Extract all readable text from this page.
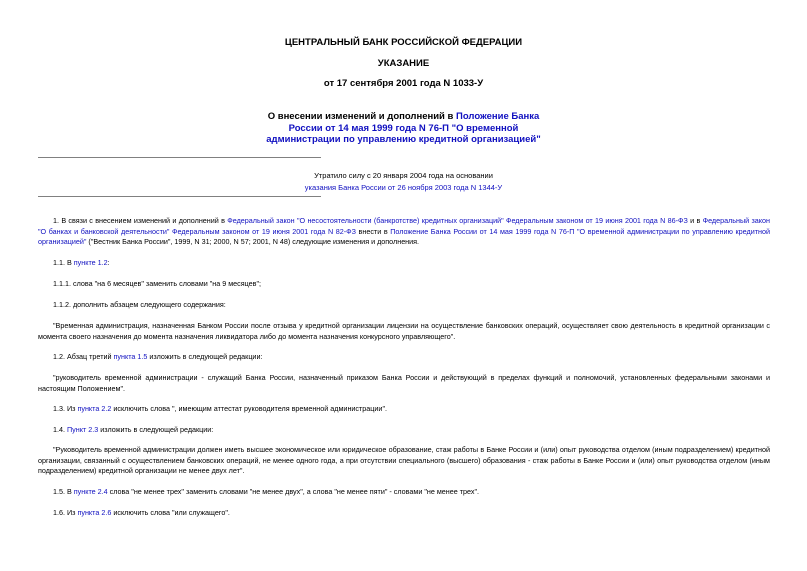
ЦЕНТРАЛЬНЫЙ БАНК РОССИЙСКОЙ ФЕДЕРАЦИИ
УКАЗАНИЕ
от 17 сентября 2001 года N 1033-У
О внесении изменений и дополнений в Положение Банка России от 14 мая 1999 года N 76-П "О временной администрации по управлению кредитной организацией"
Утратило силу с 20 января 2004 года на основании
указания Банка России от 26 ноября 2003 года N 1344-У
1. В связи с внесением изменений и дополнений в Федеральный закон "О несостоятельности (банкротстве) кредитных организаций" Федеральным законом от 19 июня 2001 года N 86-ФЗ и в Федеральный закон "О банках и банковской деятельности" Федеральным законом от 19 июня 2001 года N 82-ФЗ внести в Положение Банка России от 14 мая 1999 года N 76-П "О временной администрации по управлению кредитной организацией" ("Вестник Банка России", 1999, N 31; 2000, N 57; 2001, N 48) следующие изменения и дополнения.
1.1. В пункте 1.2:
1.1.1. слова "на 6 месяцев" заменить словами "на 9 месяцев";
1.1.2. дополнить абзацем следующего содержания:
"Временная администрация, назначенная Банком России после отзыва у кредитной организации лицензии на осуществление банковских операций, осуществляет свою деятельность в кредитной организации с момента своего назначения до момента назначения ликвидатора либо до момента назначения конкурсного управляющего".
1.2. Абзац третий пункта 1.5 изложить в следующей редакции:
"руководитель временной администрации - служащий Банка России, назначенный приказом Банка России и действующий в пределах функций и полномочий, установленных федеральными законами и настоящим Положением".
1.3. Из пункта 2.2 исключить слова ", имеющим аттестат руководителя временной администрации".
1.4. Пункт 2.3 изложить в следующей редакции:
"Руководитель временной администрации должен иметь высшее экономическое или юридическое образование, стаж работы в Банке России и (или) опыт руководства отделом (иным подразделением) кредитной организации, связанный с осуществлением банковских операций, не менее одного года, а при отсутствии специального (высшего) образования - стаж работы в Банке России и (или) опыт руководства отделом (иным подразделением) кредитной организации не менее двух лет".
1.5. В пункте 2.4 слова "не менее трех" заменить словами "не менее двух", а слова "не менее пяти" - словами "не менее трех".
1.6. Из пункта 2.6 исключить слова "или служащего".
